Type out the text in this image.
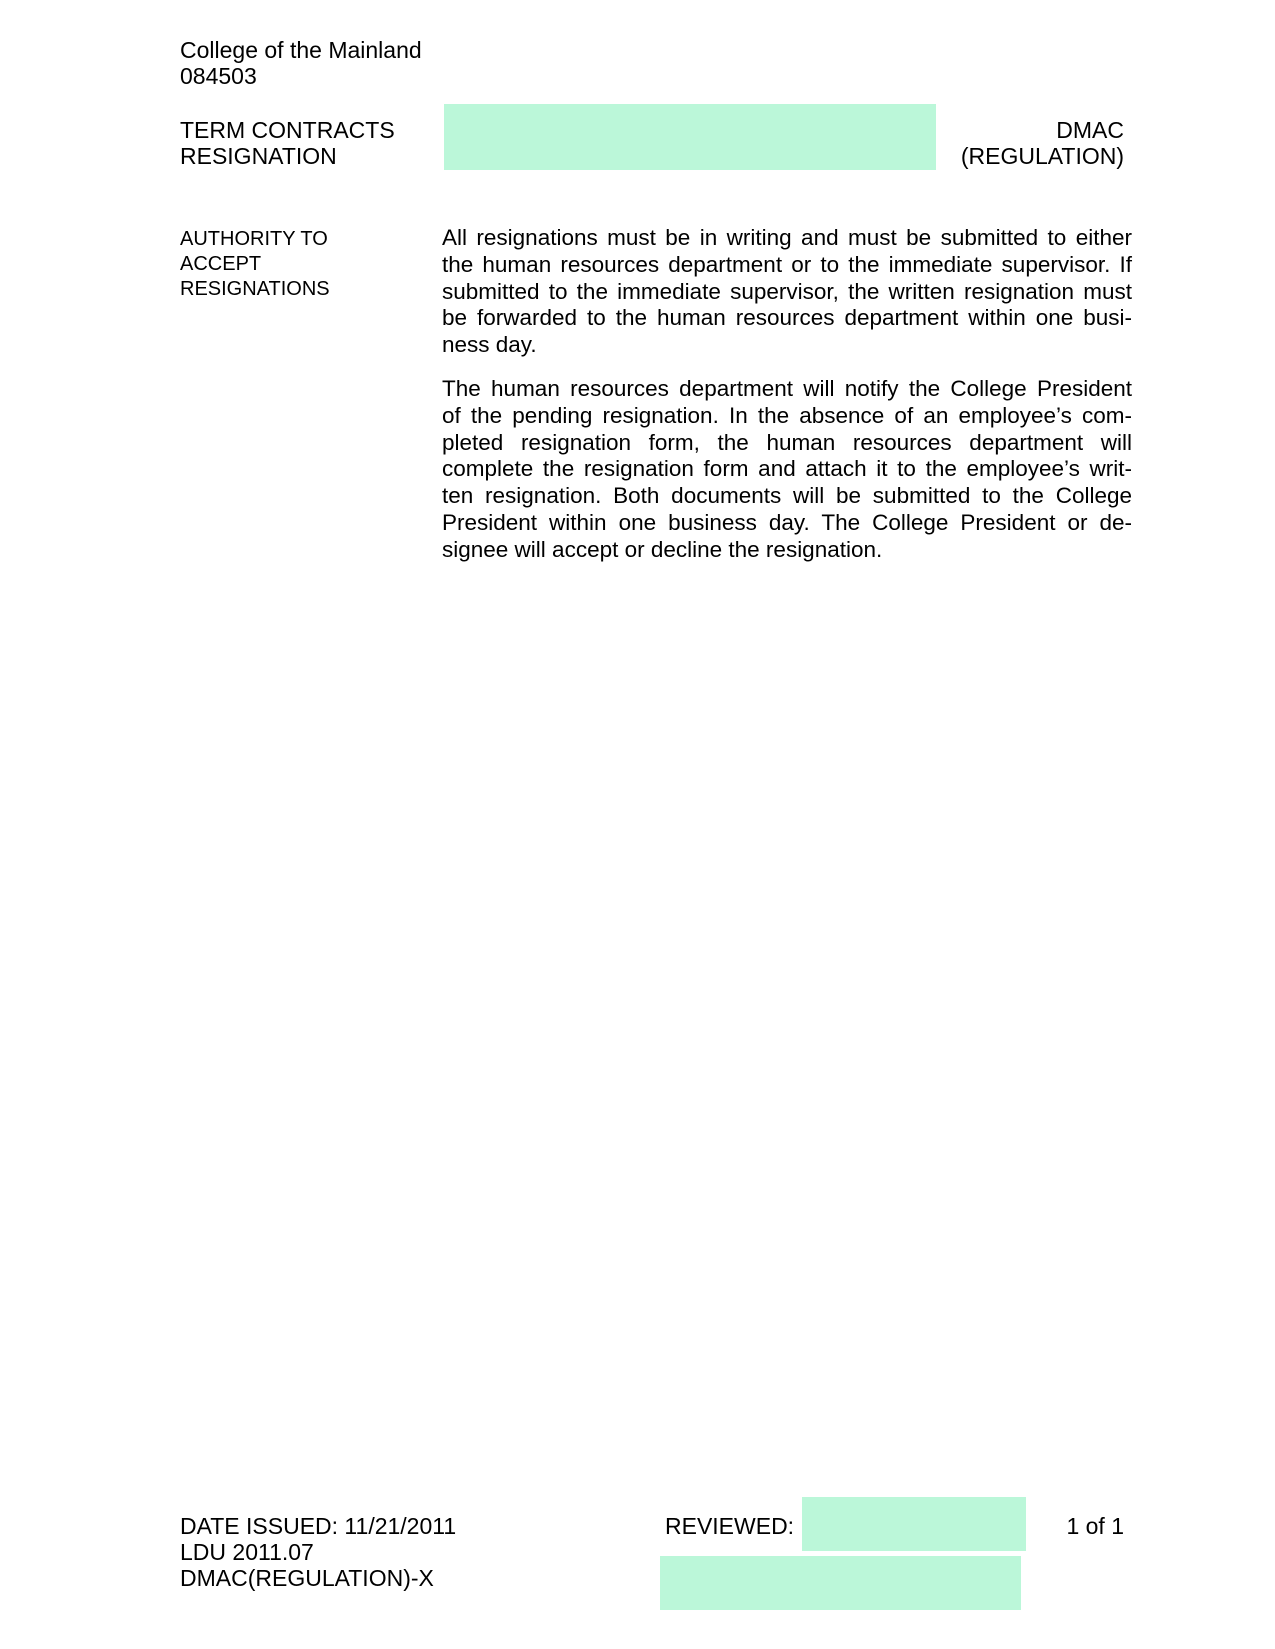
College of the Mainland
084503
TERM CONTRACTS
RESIGNATION
DMAC
(REGULATION)
AUTHORITY TO
ACCEPT
RESIGNATIONS
All resignations must be in writing and must be submitted to either
the human resources department or to the immediate supervisor. If
submitted to the immediate supervisor, the written resignation must
be forwarded to the human resources department within one busi-
ness day.
The human resources department will notify the College President
of the pending resignation. In the absence of an employee’s com-
pleted resignation form, the human resources department will
complete the resignation form and attach it to the employee’s writ-
ten resignation. Both documents will be submitted to the College
President within one business day. The College President or de-
signee will accept or decline the resignation.
DATE ISSUED: 11/21/2011
LDU 2011.07
DMAC(REGULATION)-X
REVIEWED:	1 of 1
